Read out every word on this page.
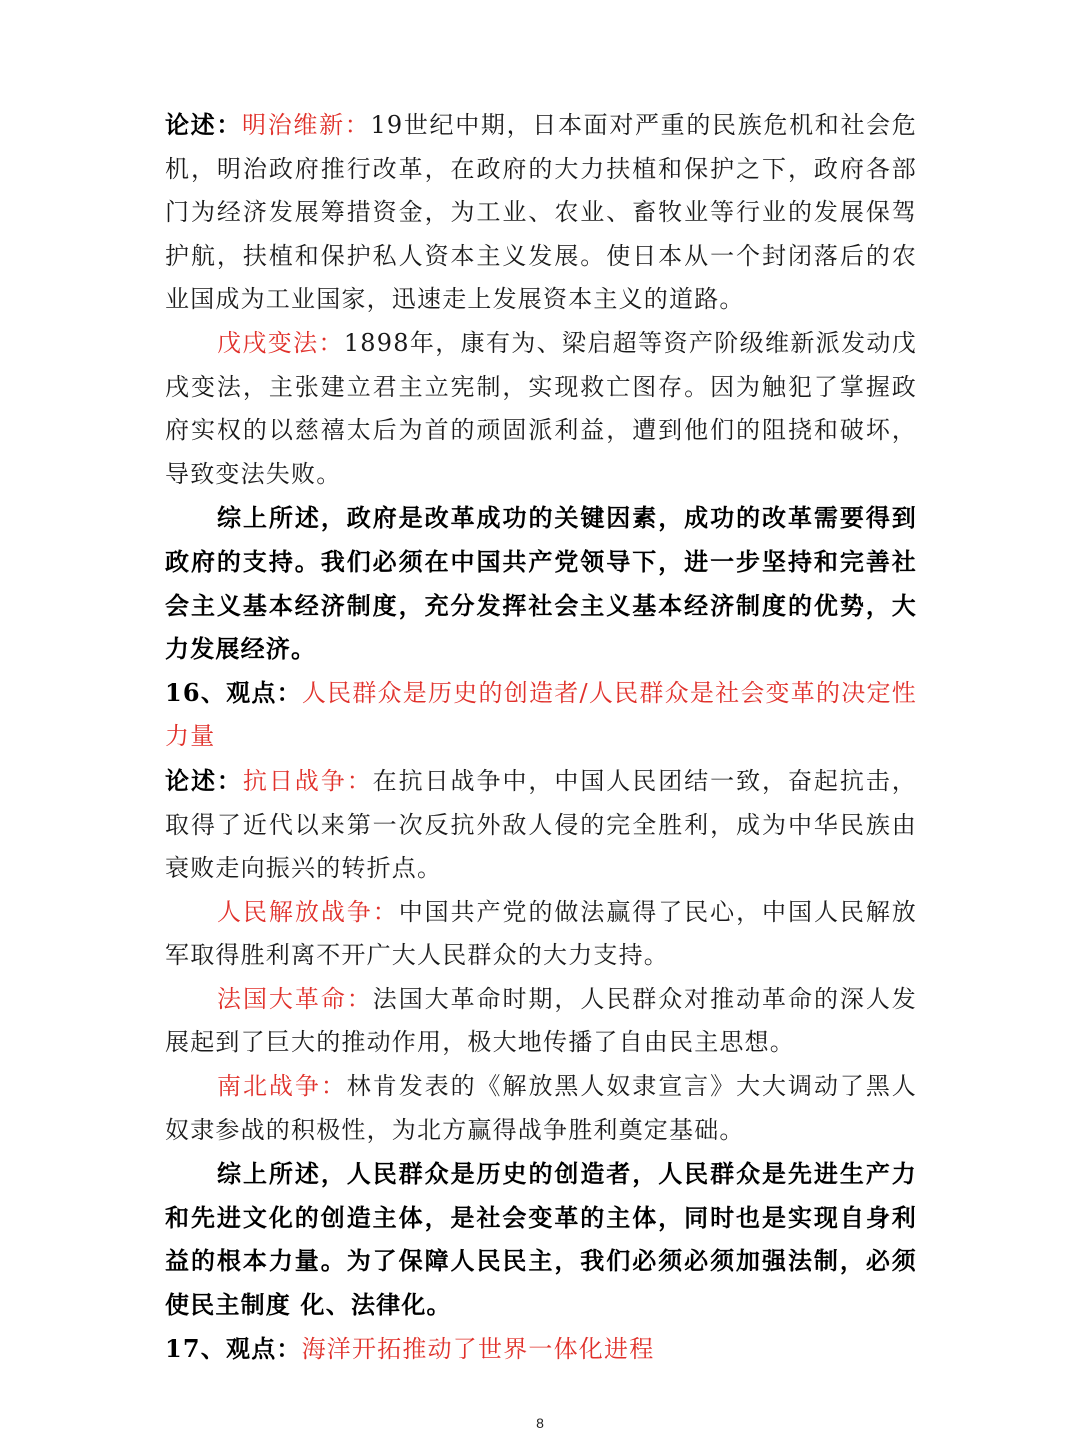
论述：明治维新：19世纪中期，日本面对严重的民族危机和社会危机，明治政府推行改革，在政府的大力扶植和保护之下，政府各部门为经济发展筹措资金，为工业、农业、畜牧业等行业的发展保驾护航，扶植和保护私人资本主义发展。使日本从一个封闭落后的农业国成为工业国家，迅速走上发展资本主义的道路。

戊戌变法：1898年，康有为、梁启超等资产阶级维新派发动戊戌变法，主张建立君主立宪制，实现救亡图存。因为触犯了掌握政府实权的以慈禧太后为首的顽固派利益，遭到他们的阻挠和破坏，导致变法失败。

综上所述，政府是改革成功的关键因素，成功的改革需要得到政府的支持。我们必须在中国共产党领导下，进一步坚持和完善社会主义基本经济制度，充分发挥社会主义基本经济制度的优势，大力发展经济。

16、观点：人民群众是历史的创造者/人民群众是社会变革的决定性力量

论述：抗日战争：在抗日战争中，中国人民团结一致，奋起抗击，取得了近代以来第一次反抗外敌人侵的完全胜利，成为中华民族由衰败走向振兴的转折点。

人民解放战争：中国共产党的做法赢得了民心，中国人民解放军取得胜利离不开广大人民群众的大力支持。

法国大革命：法国大革命时期，人民群众对推动革命的深人发展起到了巨大的推动作用，极大地传播了自由民主思想。

南北战争：林肯发表的《解放黑人奴隶宣言》大大调动了黑人奴隶参战的积极性，为北方赢得战争胜利奠定基础。

综上所述，人民群众是历史的创造者，人民群众是先进生产力和先进文化的创造主体，是社会变革的主体，同时也是实现自身利益的根本力量。为了保障人民民主，我们必须必须加强法制，必须使民主制度 化、法律化。

17、观点：海洋开拓推动了世界一体化进程

8
